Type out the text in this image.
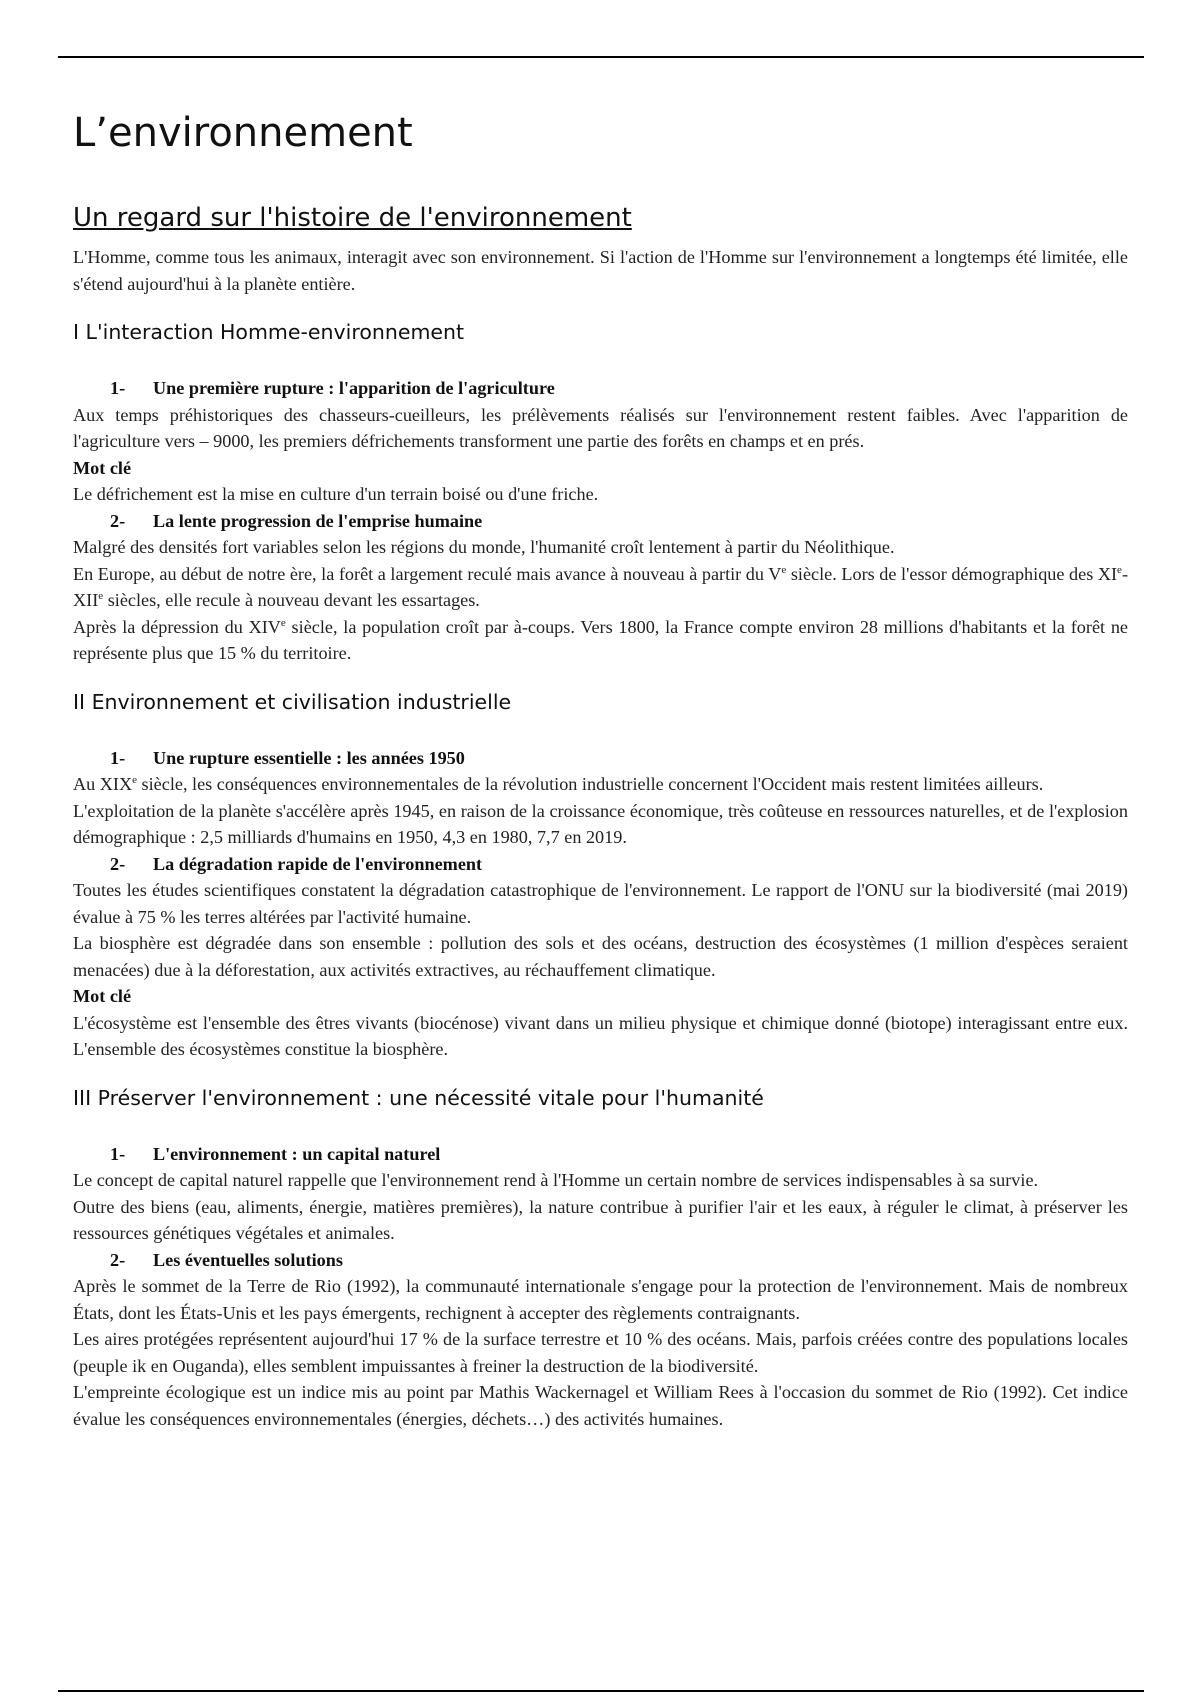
L’environnement
Un regard sur l'histoire de l'environnement

L'Homme, comme tous les animaux, interagit avec son environnement. Si l'action de l'Homme sur l'environnement a longtemps été limitée, elle s'étend aujourd'hui à la planète entière.

I L'interaction Homme-environnement
1- Une première rupture : l'apparition de l'agriculture

Aux temps préhistoriques des chasseurs-cueilleurs, les prélèvements réalisés sur l'environnement restent faibles. Avec l'apparition de l'agriculture vers – 9000, les premiers défrichements transforment une partie des forêts en champs et en prés.

Mot clé

Le défrichement est la mise en culture d'un terrain boisé ou d'une friche.

2- La lente progression de l'emprise humaine

Malgré des densités fort variables selon les régions du monde, l'humanité croît lentement à partir du Néolithique.

En Europe, au début de notre ère, la forêt a largement reculé mais avance à nouveau à partir du Ve siècle. Lors de l'essor démographique des XIe-XIIe siècles, elle recule à nouveau devant les essartages.

Après la dépression du XIVe siècle, la population croît par à-coups. Vers 1800, la France compte environ 28 millions d'habitants et la forêt ne représente plus que 15 % du territoire.

II Environnement et civilisation industrielle
1- Une rupture essentielle : les années 1950

Au XIXe siècle, les conséquences environnementales de la révolution industrielle concernent l'Occident mais restent limitées ailleurs.

L'exploitation de la planète s'accélère après 1945, en raison de la croissance économique, très coûteuse en ressources naturelles, et de l'explosion démographique : 2,5 milliards d'humains en 1950, 4,3 en 1980, 7,7 en 2019.

2- La dégradation rapide de l'environnement

Toutes les études scientifiques constatent la dégradation catastrophique de l'environnement. Le rapport de l'ONU sur la biodiversité (mai 2019) évalue à 75 % les terres altérées par l'activité humaine.

La biosphère est dégradée dans son ensemble : pollution des sols et des océans, destruction des écosystèmes (1 million d'espèces seraient menacées) due à la déforestation, aux activités extractives, au réchauffement climatique.

Mot clé

L'écosystème est l'ensemble des êtres vivants (biocénose) vivant dans un milieu physique et chimique donné (biotope) interagissant entre eux. L'ensemble des écosystèmes constitue la biosphère.

III Préserver l'environnement : une nécessité vitale pour l'humanité
1- L'environnement : un capital naturel

Le concept de capital naturel rappelle que l'environnement rend à l'Homme un certain nombre de services indispensables à sa survie.

Outre des biens (eau, aliments, énergie, matières premières), la nature contribue à purifier l'air et les eaux, à réguler le climat, à préserver les ressources génétiques végétales et animales.

2- Les éventuelles solutions

Après le sommet de la Terre de Rio (1992), la communauté internationale s'engage pour la protection de l'environnement. Mais de nombreux États, dont les États-Unis et les pays émergents, rechignent à accepter des règlements contraignants.

Les aires protégées représentent aujourd'hui 17 % de la surface terrestre et 10 % des océans. Mais, parfois créées contre des populations locales (peuple ik en Ouganda), elles semblent impuissantes à freiner la destruction de la biodiversité.

L'empreinte écologique est un indice mis au point par Mathis Wackernagel et William Rees à l'occasion du sommet de Rio (1992). Cet indice évalue les conséquences environnementales (énergies, déchets…) des activités humaines.
